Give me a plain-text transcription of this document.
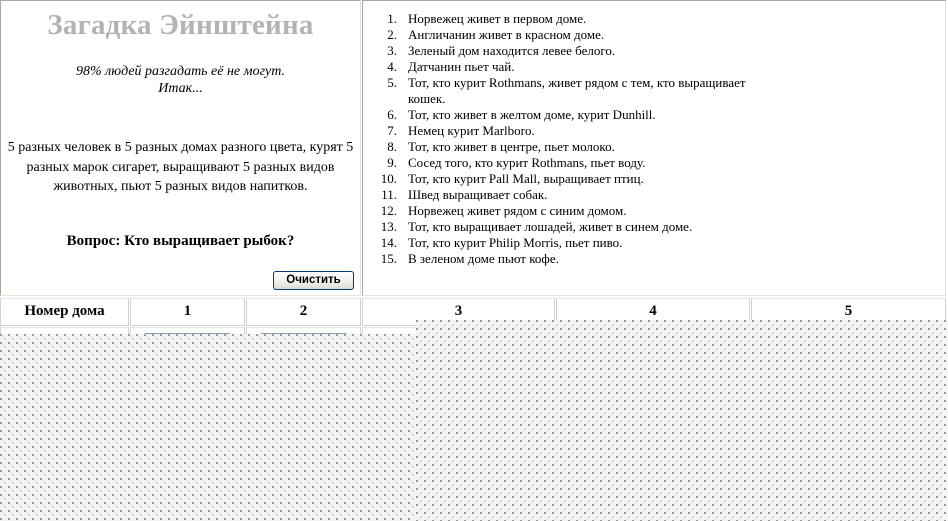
Загадка Эйнштейна
98% людей разгадать её не могут.
Итак...
5 разных человек в 5 разных домах разного цвета, курят 5 разных марок сигарет, выращивают 5 разных видов животных, пьют 5 разных видов напитков.
Вопрос: Кто выращивает рыбок?
Очистить
1. Норвежец живет в первом доме.
2. Англичанин живет в красном доме.
3. Зеленый дом находится левее белого.
4. Датчанин пьет чай.
5. Тот, кто курит Rothmans, живет рядом с тем, кто выращивает кошек.
6. Тот, кто живет в желтом доме, курит Dunhill.
7. Немец курит Marlboro.
8. Тот, кто живет в центре, пьет молоко.
9. Сосед того, кто курит Rothmans, пьет воду.
10. Тот, кто курит Pall Mall, выращивает птиц.
11. Швед выращивает собак.
12. Норвежец живет рядом с синим домом.
13. Тот, кто выращивает лошадей, живет в синем доме.
14. Тот, кто курит Philip Morris, пьет пиво.
15. В зеленом доме пьют кофе.
Номер дома	1	2	3	4	5
